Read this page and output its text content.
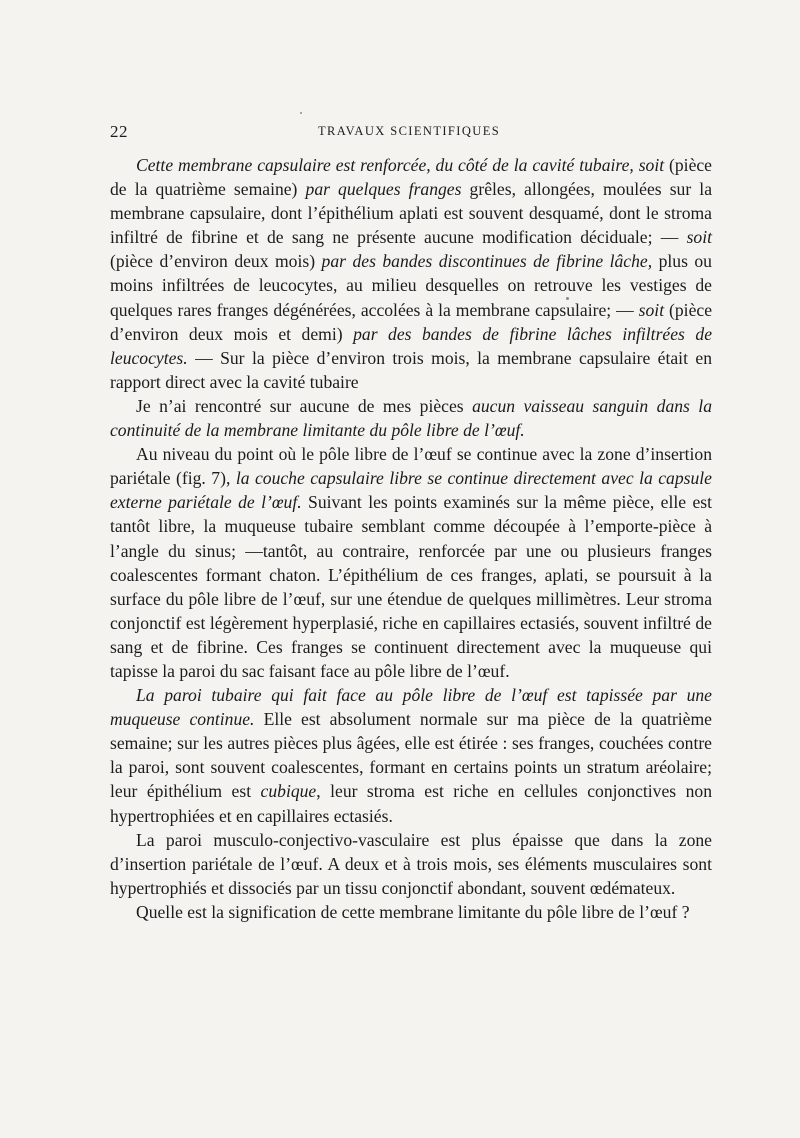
22	TRAVAUX SCIENTIFIQUES

Cette membrane capsulaire est renforcée, du côté de la cavité tubaire, soit (pièce de la quatrième semaine) par quelques franges grêles, allongées, moulées sur la membrane capsulaire, dont l’épithélium aplati est souvent desquamé, dont le stroma infiltré de fibrine et de sang ne présente aucune modification déciduale; — soit (pièce d’environ deux mois) par des bandes discontinues de fibrine lâche, plus ou moins infiltrées de leucocytes, au milieu desquelles on retrouve les vestiges de quelques rares franges dégénérées, accolées à la membrane capsulaire; — soit (pièce d’environ deux mois et demi) par des bandes de fibrine lâches infiltrées de leucocytes. — Sur la pièce d’environ trois mois, la membrane capsulaire était en rapport direct avec la cavité tubaire

Je n’ai rencontré sur aucune de mes pièces aucun vaisseau sanguin dans la continuité de la membrane limitante du pôle libre de l’œuf.

Au niveau du point où le pôle libre de l’œuf se continue avec la zone d’insertion pariétale (fig. 7), la couche capsulaire libre se continue directement avec la capsule externe pariétale de l’œuf. Suivant les points examinés sur la même pièce, elle est tantôt libre, la muqueuse tubaire semblant comme découpée à l’emporte-pièce à l’angle du sinus; —tantôt, au contraire, renforcée par une ou plusieurs franges coalescentes formant chaton. L’épithélium de ces franges, aplati, se poursuit à la surface du pôle libre de l’œuf, sur une étendue de quelques millimètres. Leur stroma conjonctif est légèrement hyperplasié, riche en capillaires ectasiés, souvent infiltré de sang et de fibrine. Ces franges se continuent directement avec la muqueuse qui tapisse la paroi du sac faisant face au pôle libre de l’œuf.

La paroi tubaire qui fait face au pôle libre de l’œuf est tapissée par une muqueuse continue. Elle est absolument normale sur ma pièce de la quatrième semaine; sur les autres pièces plus âgées, elle est étirée : ses franges, couchées contre la paroi, sont souvent coalescentes, formant en certains points un stratum aréolaire; leur épithélium est cubique, leur stroma est riche en cellules conjonctives non hypertrophiées et en capillaires ectasiés.

La paroi musculo-conjectivo-vasculaire est plus épaisse que dans la zone d’insertion pariétale de l’œuf. A deux et à trois mois, ses éléments musculaires sont hypertrophiés et dissociés par un tissu conjonctif abondant, souvent œdémateux.

Quelle est la signification de cette membrane limitante du pôle libre de l’œuf ?
